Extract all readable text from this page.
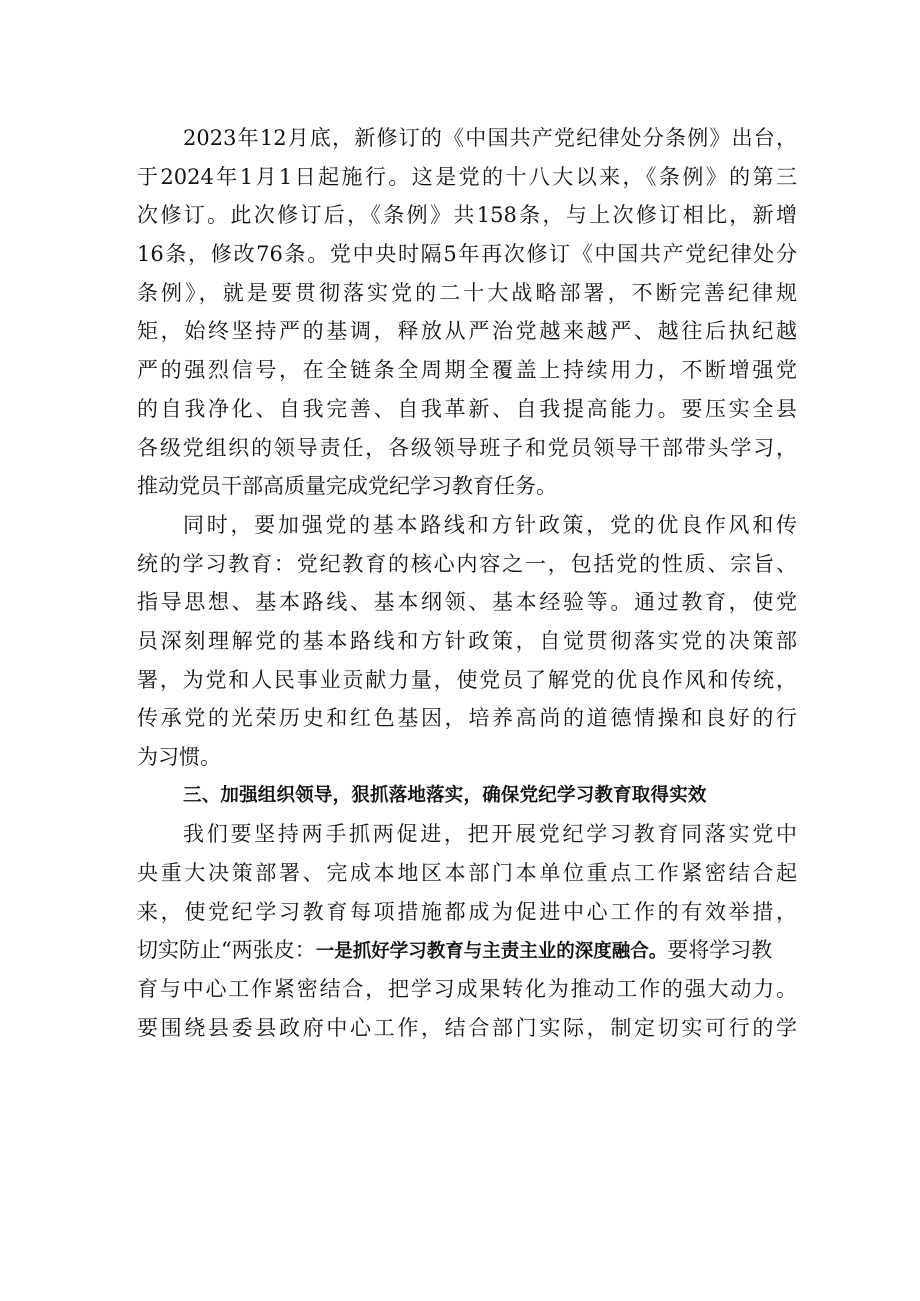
2023年12月底，新修订的《中国共产党纪律处分条例》出台，
于2024年1月1日起施行。这是党的十八大以来，《条例》的第三
次修订。此次修订后，《条例》共158条，与上次修订相比，新增
16条，修改76条。党中央时隔5年再次修订《中国共产党纪律处分
条例》，就是要贯彻落实党的二十大战略部署，不断完善纪律规
矩，始终坚持严的基调，释放从严治党越来越严、越往后执纪越
严的强烈信号，在全链条全周期全覆盖上持续用力，不断增强党
的自我净化、自我完善、自我革新、自我提高能力。要压实全县
各级党组织的领导责任，各级领导班子和党员领导干部带头学习，
推动党员干部高质量完成党纪学习教育任务。
同时，要加强党的基本路线和方针政策，党的优良作风和传
统的学习教育：党纪教育的核心内容之一，包括党的性质、宗旨、
指导思想、基本路线、基本纲领、基本经验等。通过教育，使党
员深刻理解党的基本路线和方针政策，自觉贯彻落实党的决策部
署，为党和人民事业贡献力量，使党员了解党的优良作风和传统，
传承党的光荣历史和红色基因，培养高尚的道德情操和良好的行
为习惯。
三、加强组织领导，狠抓落地落实，确保党纪学习教育取得实效
我们要坚持两手抓两促进，把开展党纪学习教育同落实党中
央重大决策部署、完成本地区本部门本单位重点工作紧密结合起
来，使党纪学习教育每项措施都成为促进中心工作的有效举措，
切实防止“两张皮：一是抓好学习教育与主责主业的深度融合。要将学习教
育与中心工作紧密结合，把学习成果转化为推动工作的强大动力。
要围绕县委县政府中心工作，结合部门实际，制定切实可行的学
